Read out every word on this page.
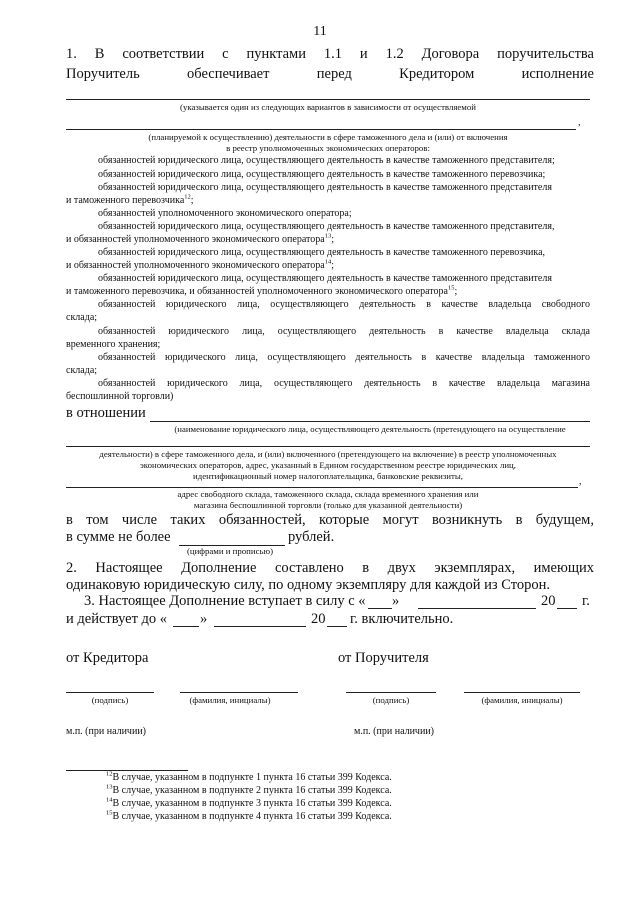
11
1. В соответствии с пунктами 1.1 и 1.2 Договора поручительства
Поручитель обеспечивает перед Кредитором исполнение
(указывается один из следующих вариантов в зависимости от осуществляемой
,
(планируемой к осуществлению) деятельности в сфере таможенного дела и (или) от включения
в реестр уполномоченных экономических операторов:
обязанностей юридического лица, осуществляющего деятельность в качестве таможенного представителя;
обязанностей юридического лица, осуществляющего деятельность в качестве таможенного перевозчика;
обязанностей юридического лица, осуществляющего деятельность в качестве таможенного представителя
и таможенного перевозчика$^{12}$;
обязанностей уполномоченного экономического оператора;
обязанностей юридического лица, осуществляющего деятельность в качестве таможенного представителя,
и обязанностей уполномоченного экономического оператора$^{13}$;
обязанностей юридического лица, осуществляющего деятельность в качестве таможенного перевозчика,
и обязанностей уполномоченного экономического оператора$^{14}$;
обязанностей юридического лица, осуществляющего деятельность в качестве таможенного представителя
и таможенного перевозчика, и обязанностей уполномоченного экономического оператора$^{15}$;
обязанностей юридического лица, осуществляющего деятельность в качестве владельца свободного
склада;
обязанностей юридического лица, осуществляющего деятельность в качестве владельца склада
временного хранения;
обязанностей юридического лица, осуществляющего деятельность в качестве владельца таможенного
склада;
обязанностей юридического лица, осуществляющего деятельность в качестве владельца магазина
беспошлинной торговли)
в отношении
(наименование юридического лица, осуществляющего деятельность (претендующего на осуществление
деятельности) в сфере таможенного дела, и (или) включенного (претендующего на включение) в реестр уполномоченных
экономических операторов, адрес, указанный в Едином государственном реестре юридических лиц,
идентификационный номер налогоплательщика, банковские реквизиты,	,
адрес свободного склада, таможенного склада, склада временного хранения или
магазина беспошлинной торговли (только для указанной деятельности)
в том числе таких обязанностей, которые могут возникнуть в будущем,
в сумме не более	рублей.
(цифрами и прописью)
2. Настоящее Дополнение составлено в двух экземплярах, имеющих
одинаковую юридическую силу, по одному экземпляру для каждой из Сторон.
3. Настоящее Дополнение вступает в силу с « »	20 г.
и действует до « »	20 г. включительно.
от Кредитора	от Поручителя
(подпись)	(фамилия, инициалы)	(подпись)	(фамилия, инициалы)
м.п. (при наличии)	м.п. (при наличии)
$^{12}$В случае, указанном в подпункте 1 пункта 16 статьи 399 Кодекса.
$^{13}$В случае, указанном в подпункте 2 пункта 16 статьи 399 Кодекса.
$^{14}$В случае, указанном в подпункте 3 пункта 16 статьи 399 Кодекса.
$^{15}$В случае, указанном в подпункте 4 пункта 16 статьи 399 Кодекса.
